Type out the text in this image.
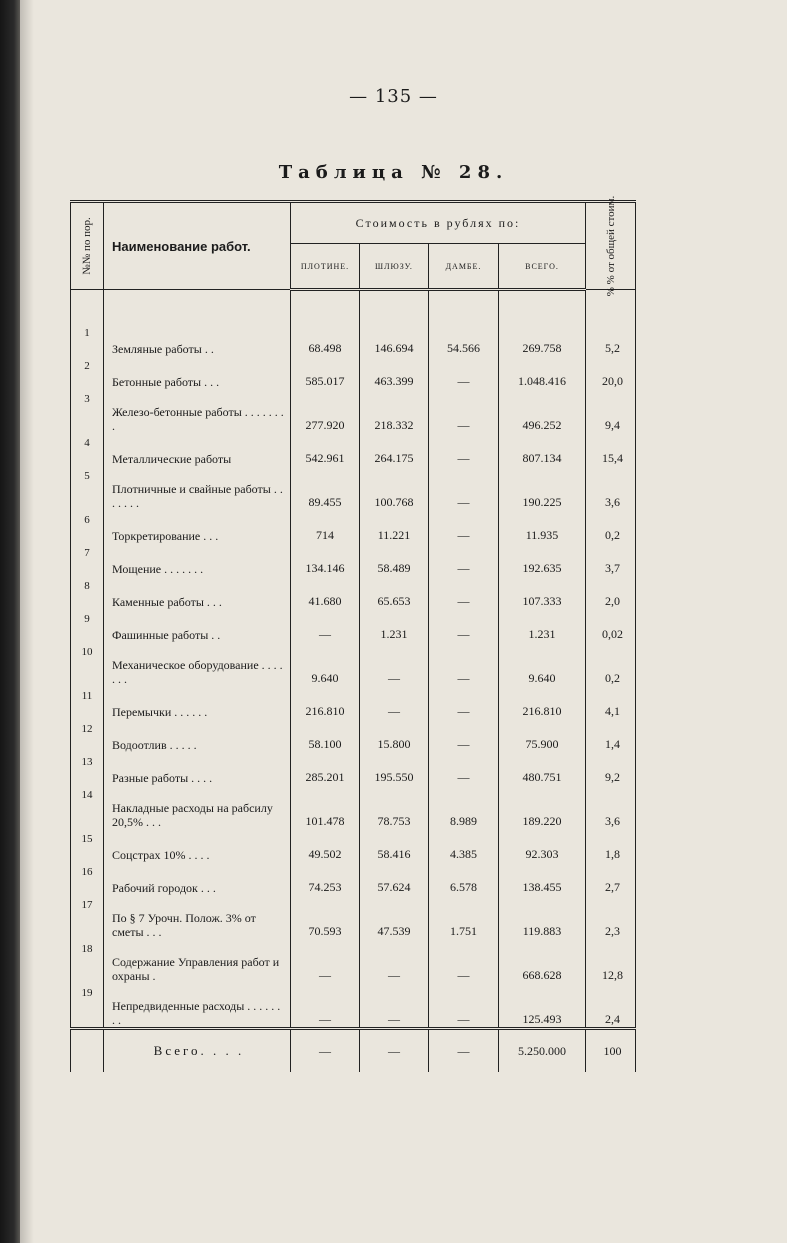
— 135 —
Таблица № 28.
№№ по пор.	Наименование работ.	Стоимость в рублях по:				% % от общей стоим.

		ПЛОТИНЕ.	ШЛЮЗУ.	ДАМБЕ.	ВСЕГО.	

1	Земляные работы . .	68.498	146.694	54.566	269.758	5,2
2	Бетонные работы . . .	585.017	463.399	—	1.048.416	20,0
3	Железо-бетонные работы . . . . . . . .	277.920	218.332	—	496.252	9,4
4	Металлические работы	542.961	264.175	—	807.134	15,4
5	Плотничные и свайные работы . . . . . . .	89.455	100.768	—	190.225	3,6
6	Торкретирование . . .	714	11.221	—	11.935	0,2
7	Мощение . . . . . . .	134.146	58.489	—	192.635	3,7
8	Каменные работы . . .	41.680	65.653	—	107.333	2,0
9	Фашинные работы . .	—	1.231	—	1.231	0,02
10	Механическое оборудование . . . . . . .	9.640	—	—	9.640	0,2
11	Перемычки . . . . . .	216.810	—	—	216.810	4,1
12	Водоотлив . . . . .	58.100	15.800	—	75.900	1,4
13	Разные работы . . . .	285.201	195.550	—	480.751	9,2
14	Накладные расходы на рабсилу 20,5% . . .	101.478	78.753	8.989	189.220	3,6
15	Соцстрах 10% . . . .	49.502	58.416	4.385	92.303	1,8
16	Рабочий городок . . .	74.253	57.624	6.578	138.455	2,7
17	По § 7 Урочн. Полож. 3% от сметы . . .	70.593	47.539	1.751	119.883	2,3
18	Содержание Управления работ и охраны .	—	—	—	668.628	12,8
19	Непредвиденные расходы . . . . . . . .	—	—	—	125.493	2,4
	Всего. . . .	—	—	—	5.250.000	100
